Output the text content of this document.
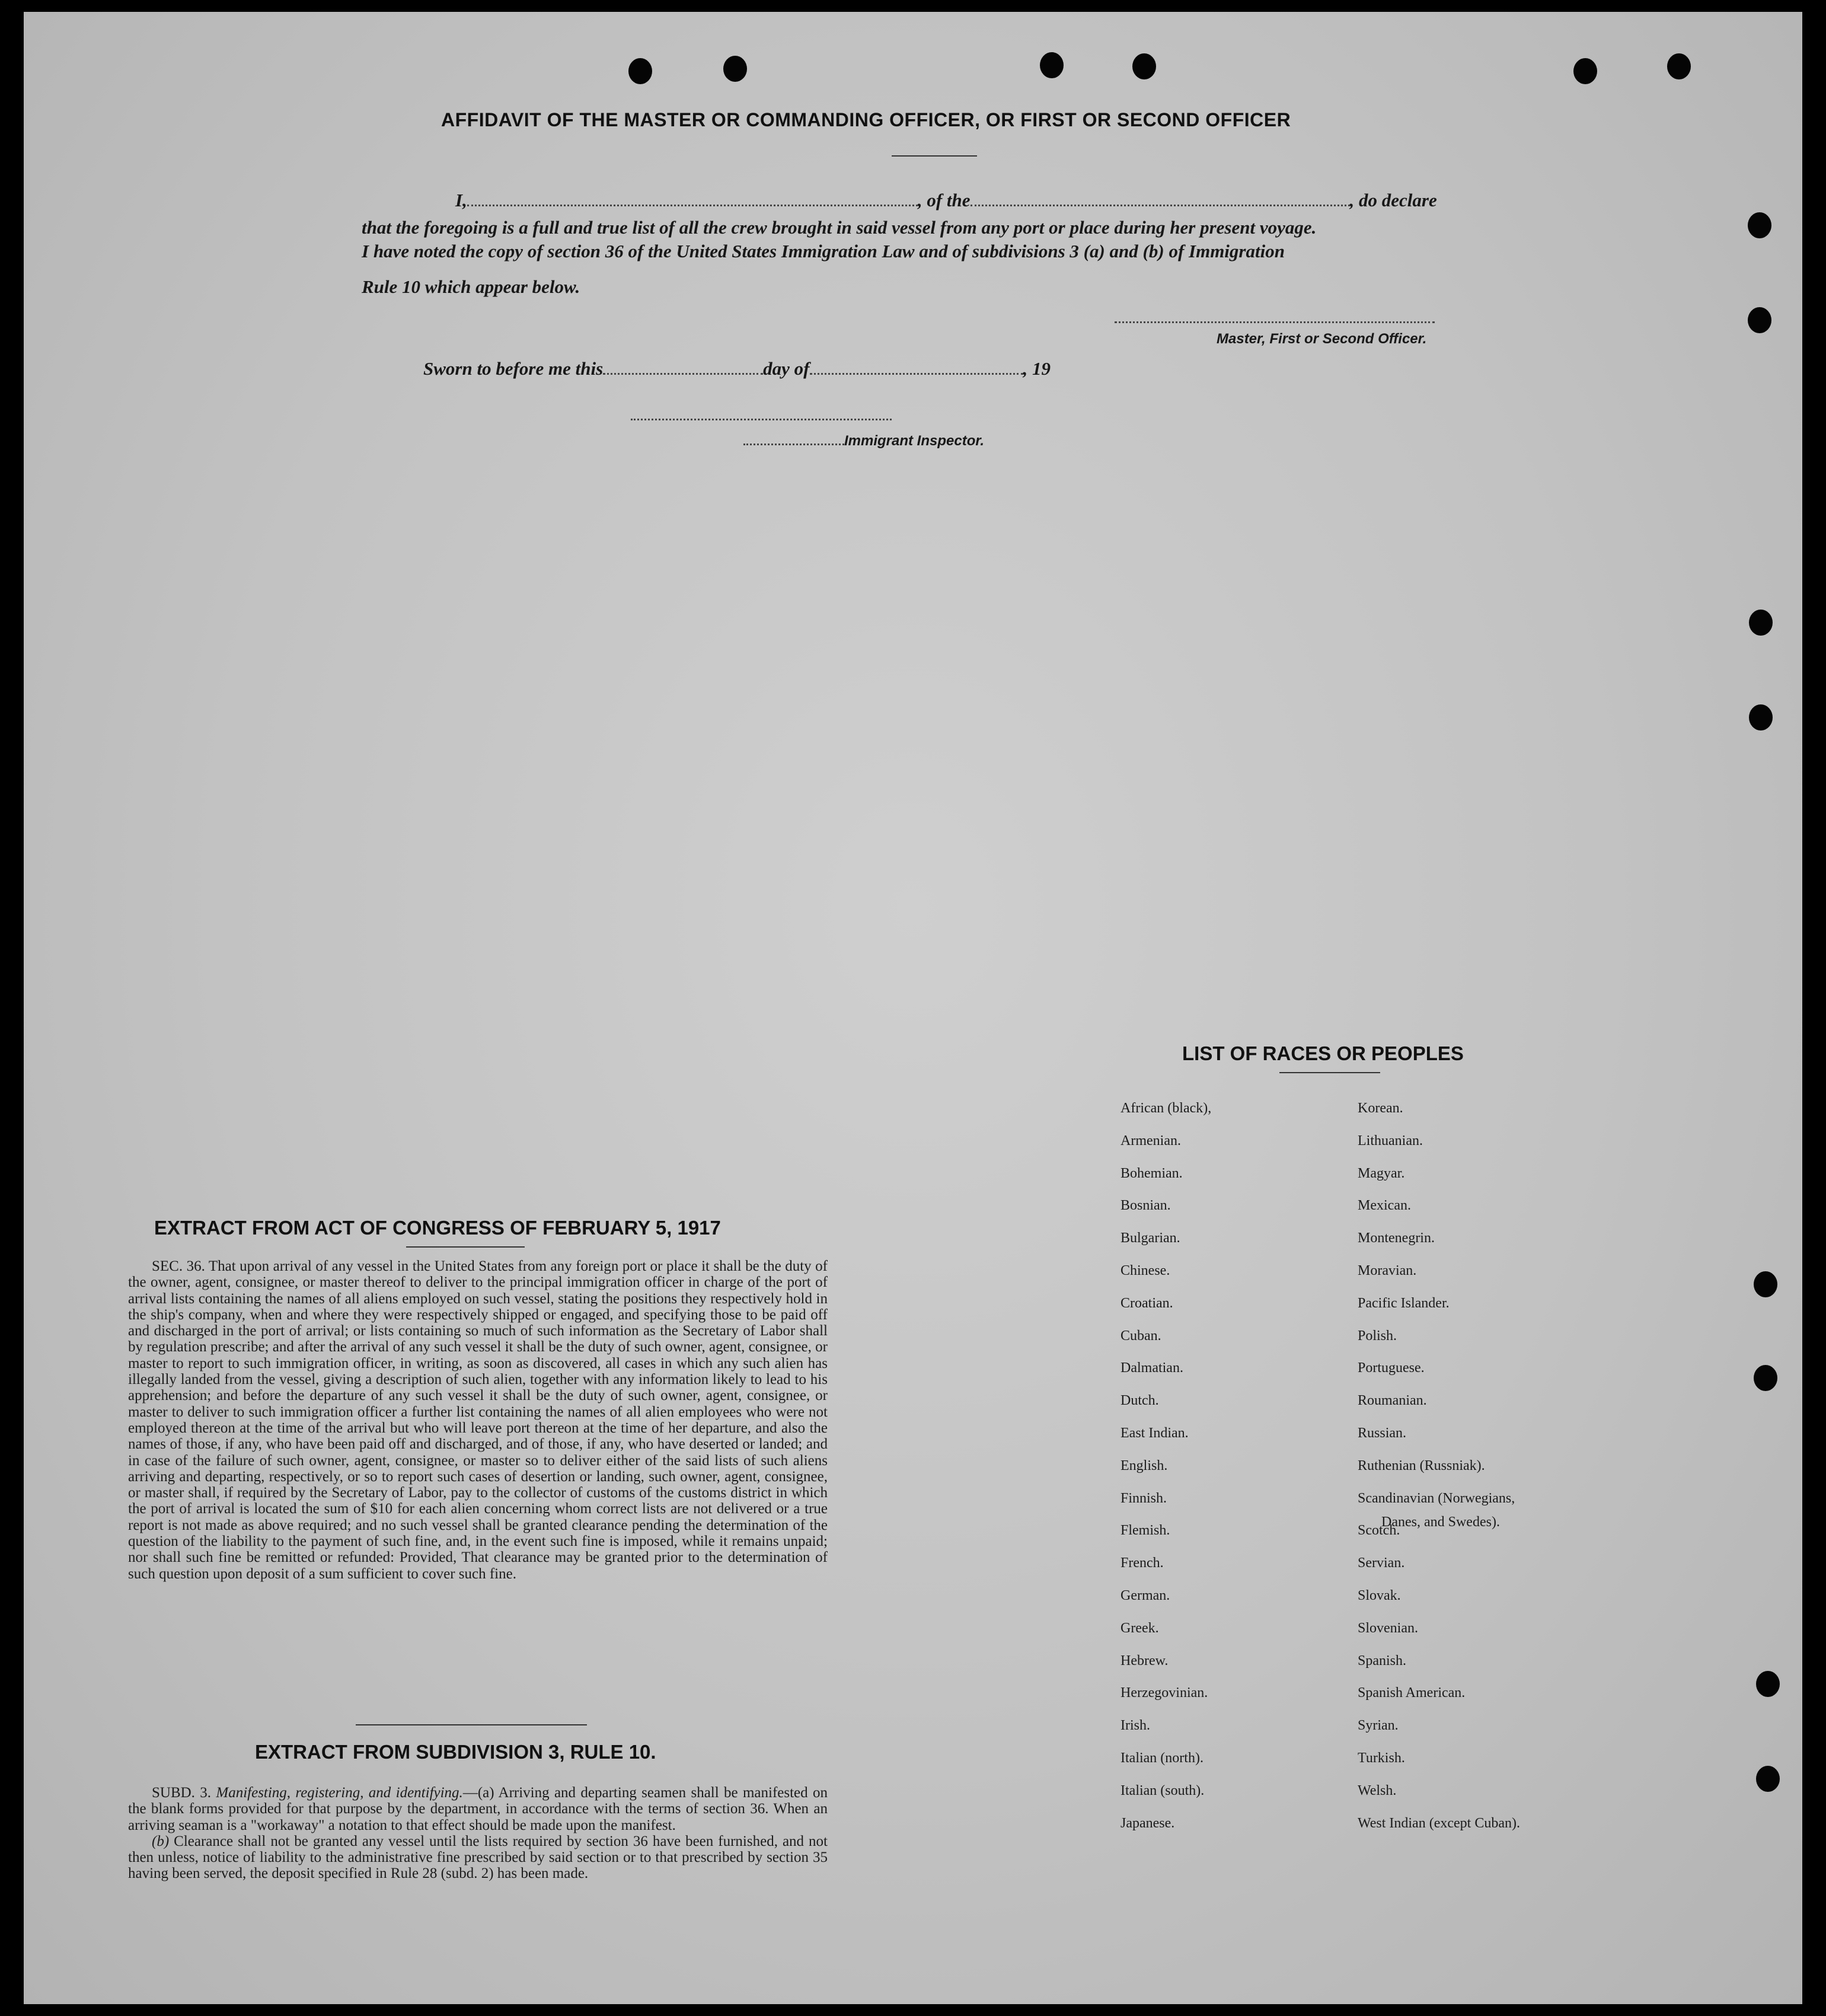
AFFIDAVIT OF THE MASTER OR COMMANDING OFFICER, OR FIRST OR SECOND OFFICER
I,	, of the	, do declare
that the foregoing is a full and true list of all the crew brought in said vessel from any port or place during her present voyage.
I have noted the copy of section 36 of the United States Immigration Law and of subdivisions 3 (a) and (b) of Immigration
Rule 10 which appear below.
Master, First or Second Officer.
Sworn to before me this	day of	, 19
Immigrant Inspector.
EXTRACT FROM ACT OF CONGRESS OF FEBRUARY 5, 1917

SEC. 36. That upon arrival of any vessel in the United States from any foreign port or place it shall be the duty of the owner, agent, consignee, or master thereof to deliver to the principal immigration officer in charge of the port of arrival lists containing the names of all aliens employed on such vessel, stating the positions they respectively hold in the ship's company, when and where they were respectively shipped or engaged, and specifying those to be paid off and discharged in the port of arrival; or lists containing so much of such information as the Secretary of Labor shall by regulation prescribe; and after the arrival of any such vessel it shall be the duty of such owner, agent, consignee, or master to report to such immigration officer, in writing, as soon as discovered, all cases in which any such alien has illegally landed from the vessel, giving a description of such alien, together with any information likely to lead to his apprehension; and before the departure of any such vessel it shall be the duty of such owner, agent, consignee, or master to deliver to such immigration officer a further list containing the names of all alien employees who were not employed thereon at the time of the arrival but who will leave port thereon at the time of her departure, and also the names of those, if any, who have been paid off and discharged, and of those, if any, who have deserted or landed; and in case of the failure of such owner, agent, consignee, or master so to deliver either of the said lists of such aliens arriving and departing, respectively, or so to report such cases of desertion or landing, such owner, agent, consignee, or master shall, if required by the Secretary of Labor, pay to the collector of customs of the customs district in which the port of arrival is located the sum of $10 for each alien concerning whom correct lists are not delivered or a true report is not made as above required; and no such vessel shall be granted clearance pending the determination of the question of the liability to the payment of such fine, and, in the event such fine is imposed, while it remains unpaid; nor shall such fine be remitted or refunded: Provided, That clearance may be granted prior to the determination of such question upon deposit of a sum sufficient to cover such fine.

EXTRACT FROM SUBDIVISION 3, RULE 10.

SUBD. 3. Manifesting, registering, and identifying.—(a) Arriving and departing seamen shall be manifested on the blank forms provided for that purpose by the department, in accordance with the terms of section 36. When an arriving seaman is a "workaway" a notation to that effect should be made upon the manifest.

(b) Clearance shall not be granted any vessel until the lists required by section 36 have been furnished, and not then unless, notice of liability to the administrative fine prescribed by said section or to that prescribed by section 35 having been served, the deposit specified in Rule 28 (subd. 2) has been made.

LIST OF RACES OR PEOPLES
African (black),
Armenian.
Bohemian.
Bosnian.
Bulgarian.
Chinese.
Croatian.
Cuban.
Dalmatian.
Dutch.
East Indian.
English.
Finnish.
Flemish.
French.
German.
Greek.
Hebrew.
Herzegovinian.
Irish.
Italian (north).
Italian (south).
Japanese.
Korean.
Lithuanian.
Magyar.
Mexican.
Montenegrin.
Moravian.
Pacific Islander.
Polish.
Portuguese.
Roumanian.
Russian.
Ruthenian (Russniak).
Scandinavian (Norwegians,
Scotch.
Servian.
Slovak.
Slovenian.
Spanish.
Spanish American.
Syrian.
Turkish.
Welsh.
West Indian (except Cuban).
Danes, and Swedes).
